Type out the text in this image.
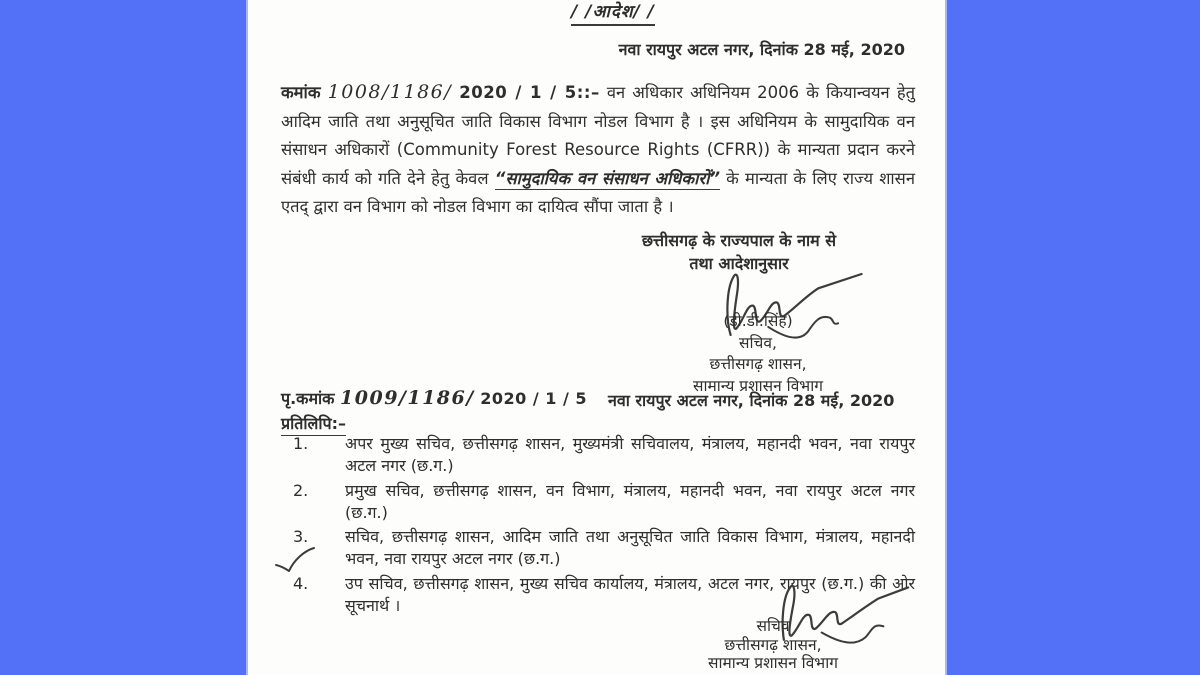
/ /आदेश/ /
नवा रायपुर अटल नगर, दिनांक 28 मई, 2020
कमांक 1008/1186/ 2020 / 1 / 5::– वन अधिकार अधिनियम 2006 के कियान्वयन हेतु आदिम जाति तथा अनुसूचित जाति विकास विभाग नोडल विभाग है । इस अधिनियम के सामुदायिक वन संसाधन अधिकारों (Community Forest Resource Rights (CFRR)) के मान्यता प्रदान करने संबंधी कार्य को गति देने हेतु केवल “सामुदायिक वन संसाधन अधिकारों” के मान्यता के लिए राज्य शासन एतद् द्वारा वन विभाग को नोडल विभाग का दायित्व सौंपा जाता है ।
छत्तीसगढ़ के राज्यपाल के नाम से
तथा आदेशानुसार
(डी.डी.सिंह)
सचिव,
छत्तीसगढ़ शासन,
सामान्य प्रशासन विभाग
पृ.कमांक 1009/1186/ 2020 / 1 / 5 नवा रायपुर अटल नगर, दिनांक 28 मई, 2020
प्रतिलिपि:–
1.	अपर मुख्य सचिव, छत्तीसगढ़ शासन, मुख्यमंत्री सचिवालय, मंत्रालय, महानदी भवन, नवा रायपुर अटल नगर (छ.ग.)
2.	प्रमुख सचिव, छत्तीसगढ़ शासन, वन विभाग, मंत्रालय, महानदी भवन, नवा रायपुर अटल नगर (छ.ग.)
3.	सचिव, छत्तीसगढ़ शासन, आदिम जाति तथा अनुसूचित जाति विकास विभाग, मंत्रालय, महानदी भवन, नवा रायपुर अटल नगर (छ.ग.)
4.	उप सचिव, छत्तीसगढ़ शासन, मुख्य सचिव कार्यालय, मंत्रालय, अटल नगर, रायपुर (छ.ग.) की ओर सूचनार्थ ।
सचिव
छत्तीसगढ़ शासन,
सामान्य प्रशासन विभाग
